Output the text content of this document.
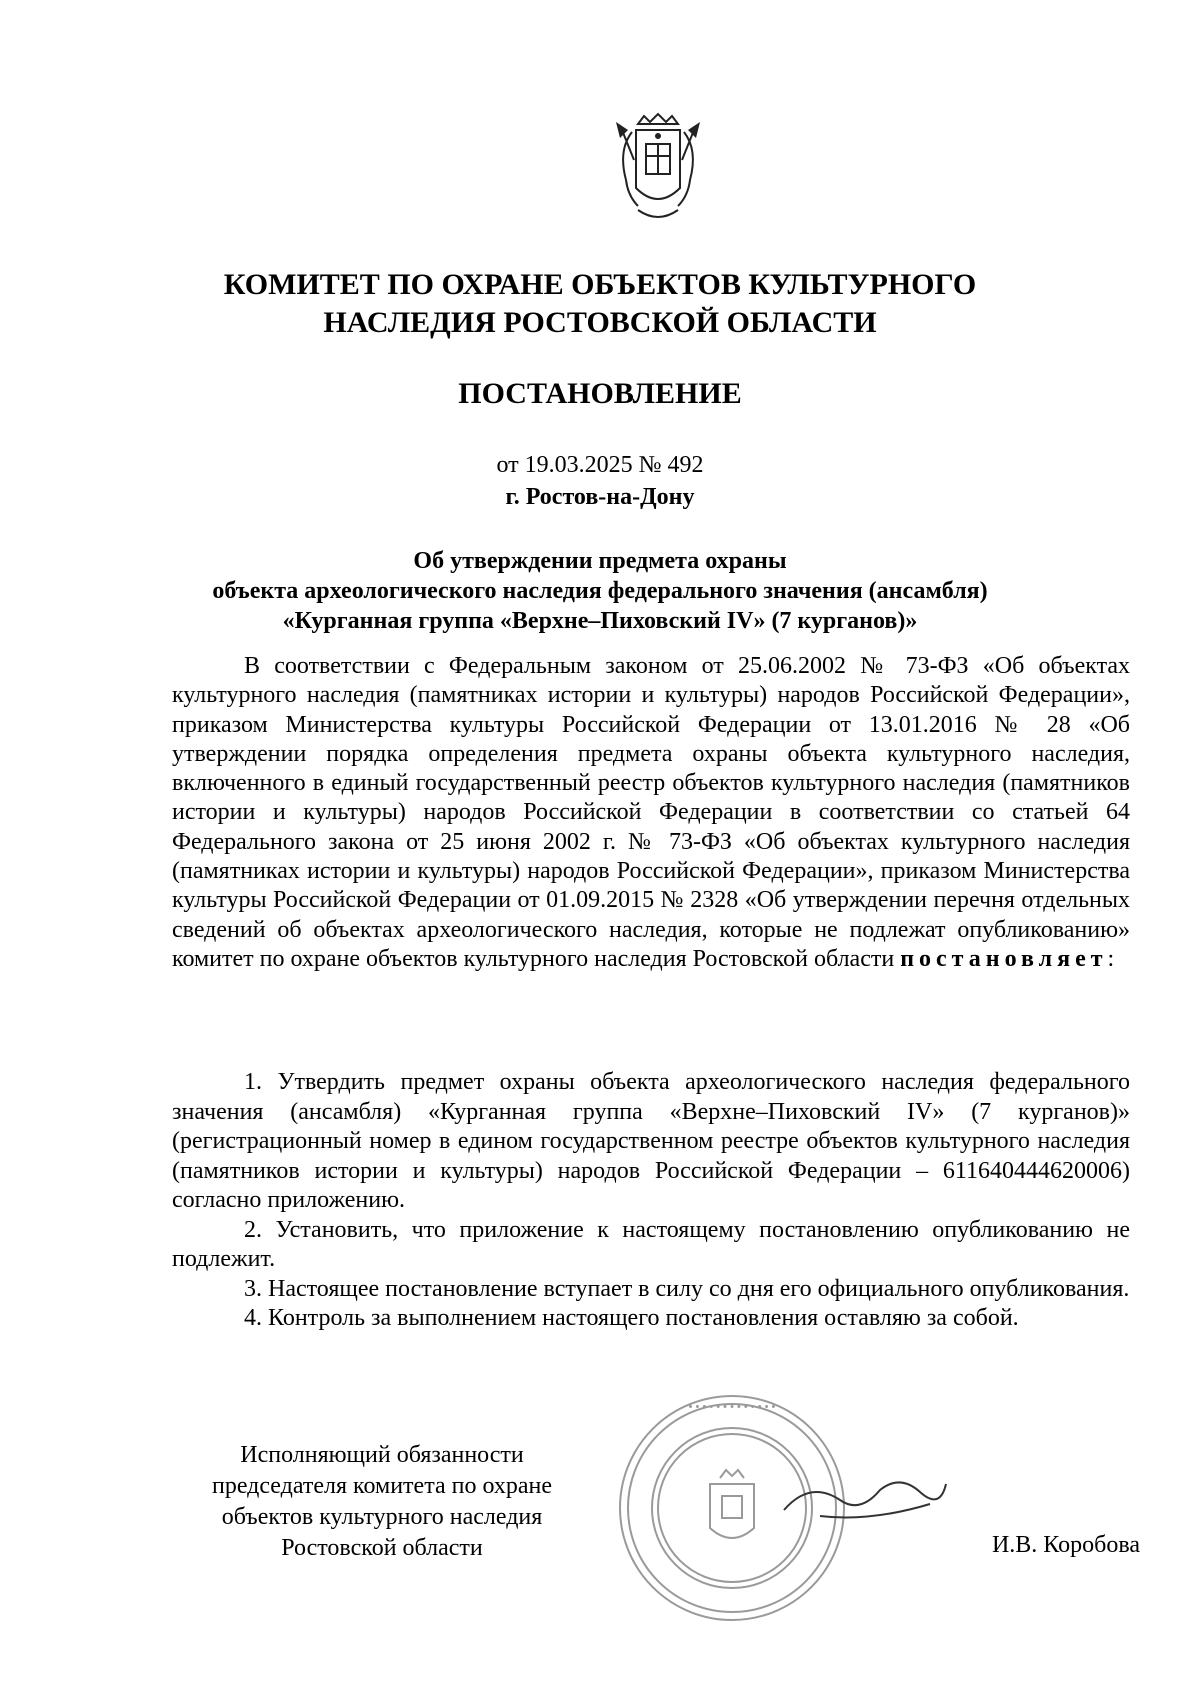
КОМИТЕТ ПО ОХРАНЕ ОБЪЕКТОВ КУЛЬТУРНОГО
НАСЛЕДИЯ РОСТОВСКОЙ ОБЛАСТИ
ПОСТАНОВЛЕНИЕ
от 19.03.2025 № 492
г. Ростов-на-Дону
Об утверждении предмета охраны
объекта археологического наследия федерального значения (ансамбля)
«Курганная группа «Верхне–Пиховский IV» (7 курганов)»

В соответствии с Федеральным законом от 25.06.2002 № 73-ФЗ «Об объектах культурного наследия (памятниках истории и культуры) народов Российской Федерации», приказом Министерства культуры Российской Федерации от 13.01.2016 № 28 «Об утверждении порядка определения предмета охраны объекта культурного наследия, включенного в единый государственный реестр объектов культурного наследия (памятников истории и культуры) народов Российской Федерации в соответствии со статьей 64 Федерального закона от 25 июня 2002 г. № 73-ФЗ «Об объектах культурного наследия (памятниках истории и культуры) народов Российской Федерации», приказом Министерства культуры Российской Федерации от 01.09.2015 № 2328 «Об утверждении перечня отдельных сведений об объектах археологического наследия, которые не подлежат опубликованию» комитет по охране объектов культурного наследия Ростовской области постановляет:

1. Утвердить предмет охраны объекта археологического наследия федерального значения (ансамбля) «Курганная группа «Верхне–Пиховский IV» (7 курганов)» (регистрационный номер в едином государственном реестре объектов культурного наследия (памятников истории и культуры) народов Российской Федерации – 611640444620006) согласно приложению.

2. Установить, что приложение к настоящему постановлению опубликованию не подлежит.

3. Настоящее постановление вступает в силу со дня его официального опубликования.

4. Контроль за выполнением настоящего постановления оставляю за собой.

Исполняющий обязанности
председателя комитета по охране
объектов культурного наследия
Ростовской области
• • • • • • • • • • • • •
И.В. Коробова
